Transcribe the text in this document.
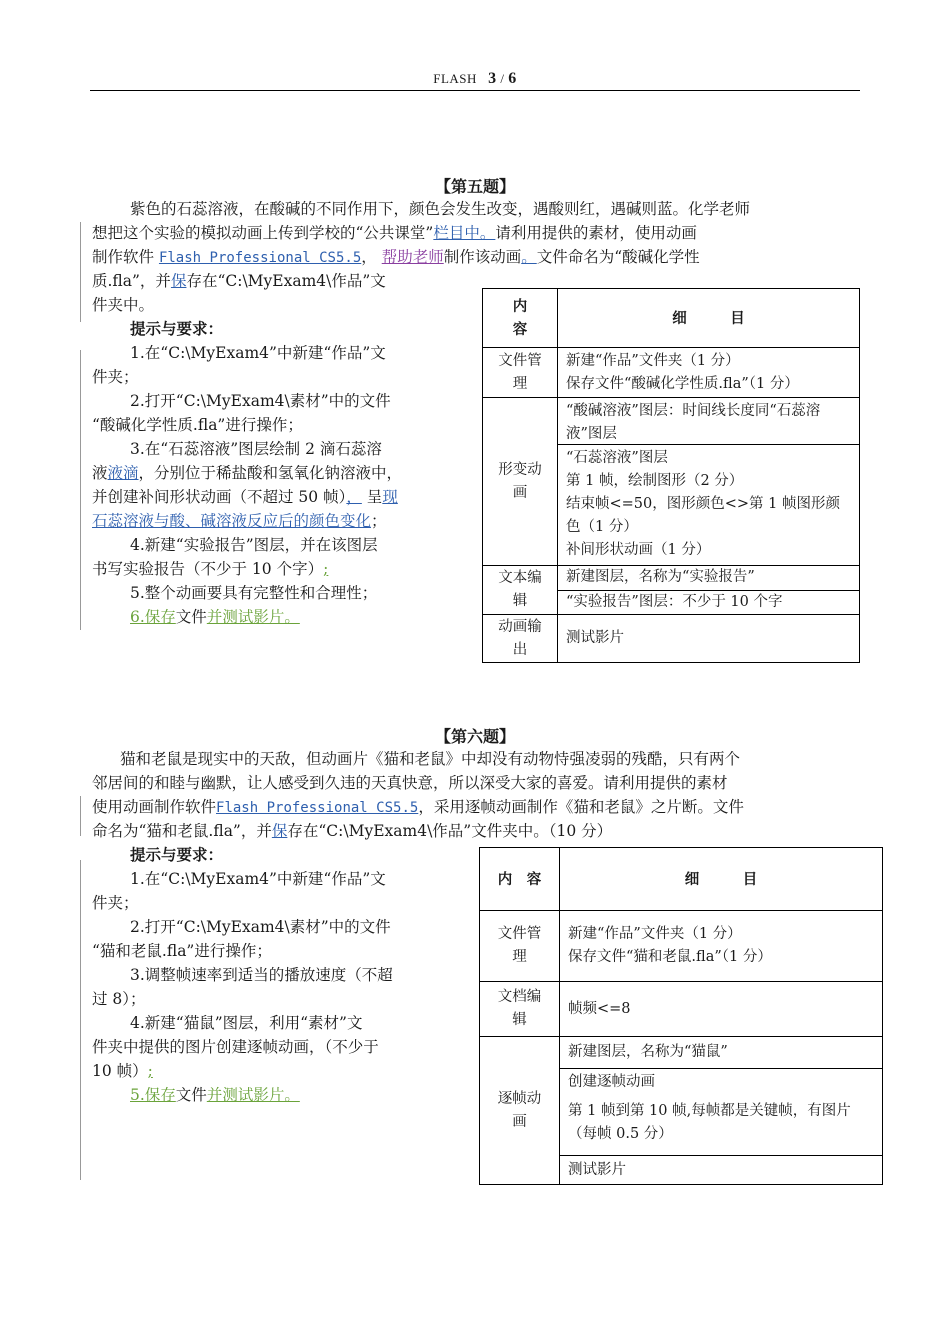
FLASH 3 / 6
【第五题】
紫色的石蕊溶液，在酸碱的不同作用下，颜色会发生改变，遇酸则红，遇碱则蓝。化学老师
想把这个实验的模拟动画上传到学校的“公共课堂”栏目中。请利用提供的素材，使用动画
制作软件 Flash Professional CS5.5， 帮助老师制作该动画。文件命名为“酸碱化学性
质.fla”，并保存在“C:\MyExam4\作品”文
件夹中。
提示与要求：
1.在“C:\MyExam4”中新建“作品”文
件夹；
2.打开“C:\MyExam4\素材”中的文件
“酸碱化学性质.fla”进行操作；
3.在“石蕊溶液”图层绘制 2 滴石蕊溶
液液滴，分别位于稀盐酸和氢氧化钠溶液中，
并创建补间形状动画（不超过 50 帧）， 呈现
石蕊溶液与酸、碱溶液反应后的颜色变化；
4.新建“实验报告”图层，并在该图层
书写实验报告（不少于 10 个字）;
5.整个动画要具有完整性和合理性；
6.保存文件并测试影片。
内
容
细　　　目
文件管
理
新建“作品”文件夹（1 分）
保存文件“酸碱化学性质.fla”（1 分）
形变动
画
“酸碱溶液”图层：时间线长度同“石蕊溶液”图层
“石蕊溶液”图层
第 1 帧，绘制图形（2 分）
结束帧<=50，图形颜色<>第 1 帧图形颜色（1 分）
补间形状动画（1 分）
文本编
辑
新建图层，名称为“实验报告”
“实验报告”图层：不少于 10 个字
动画输
出
测试影片
【第六题】
猫和老鼠是现实中的天敌，但动画片《猫和老鼠》中却没有动物恃强凌弱的残酷，只有两个
邻居间的和睦与幽默，让人感受到久违的天真快意，所以深受大家的喜爱。请利用提供的素材
使用动画制作软件Flash Professional CS5.5，采用逐帧动画制作《猫和老鼠》之片断。文件
命名为“猫和老鼠.fla”，并保存在“C:\MyExam4\作品”文件夹中。（10 分）
提示与要求：
1.在“C:\MyExam4”中新建“作品”文
件夹；
2.打开“C:\MyExam4\素材”中的文件
“猫和老鼠.fla”进行操作；
3.调整帧速率到适当的播放速度（不超
过 8）；
4.新建“猫鼠”图层，利用“素材”文
件夹中提供的图片创建逐帧动画，（不少于
10 帧）;
5.保存文件并测试影片。
内　容	细　　　目
文件管
理
新建“作品”文件夹（1 分）
保存文件“猫和老鼠.fla”（1 分）
文档编
辑
帧频<=8
逐帧动
画
新建图层，名称为“猫鼠”
创建逐帧动画
第 1 帧到第 10 帧,每帧都是关键帧，有图片（每帧 0.5 分）
测试影片
